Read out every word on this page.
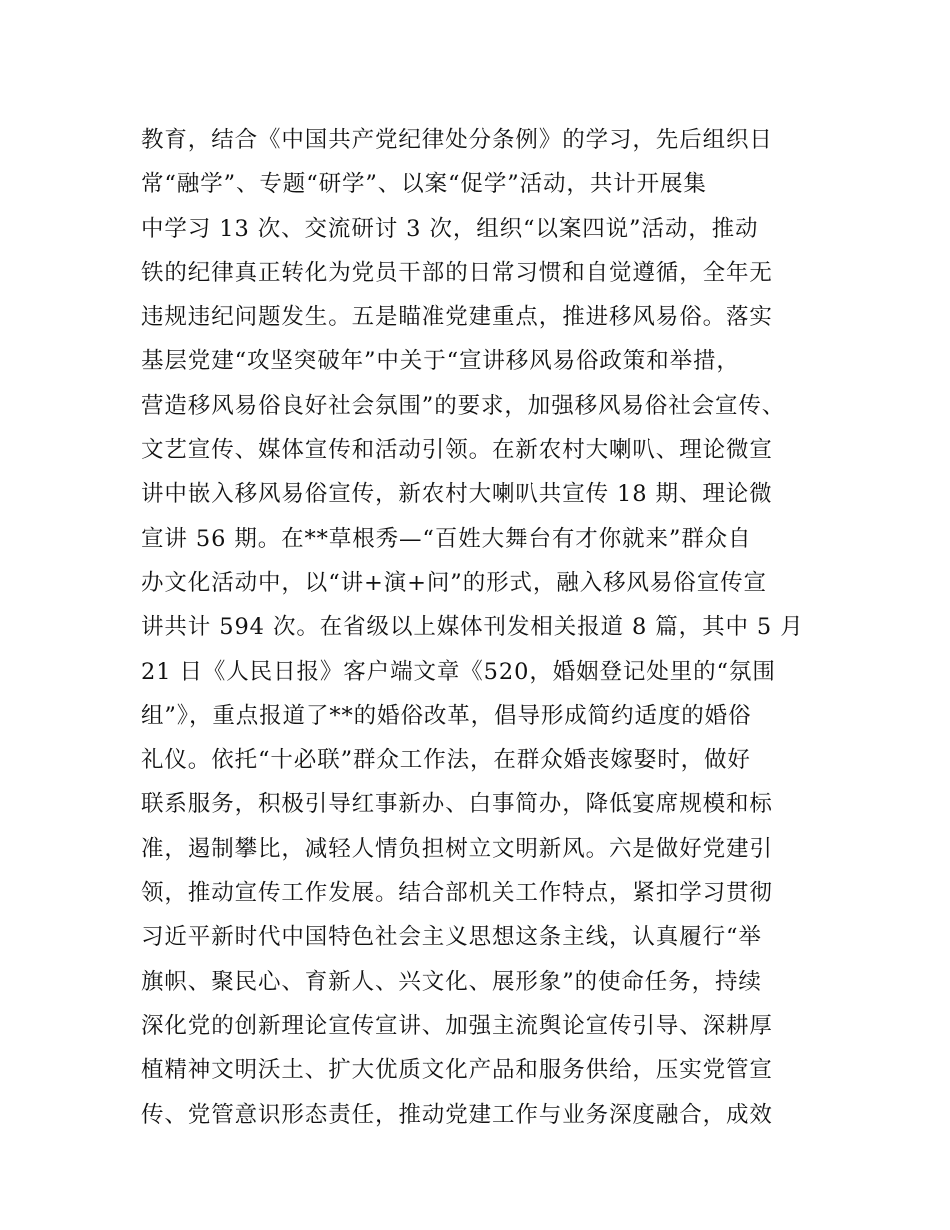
教育，结合《中国共产党纪律处分条例》的学习，先后组织日
常“融学”、专题“研学”、以案“促学”活动，共计开展集
中学习 13 次、交流研讨 3 次，组织“以案四说”活动，推动
铁的纪律真正转化为党员干部的日常习惯和自觉遵循，全年无
违规违纪问题发生。五是瞄准党建重点，推进移风易俗。落实
基层党建“攻坚突破年”中关于“宣讲移风易俗政策和举措，
营造移风易俗良好社会氛围”的要求，加强移风易俗社会宣传、
文艺宣传、媒体宣传和活动引领。在新农村大喇叭、理论微宣
讲中嵌入移风易俗宣传，新农村大喇叭共宣传 18 期、理论微
宣讲 56 期。在**草根秀—“百姓大舞台有才你就来”群众自
办文化活动中，以“讲+演+问”的形式，融入移风易俗宣传宣
讲共计 594 次。在省级以上媒体刊发相关报道 8 篇，其中 5 月
21 日《人民日报》客户端文章《520，婚姻登记处里的“氛围
组”》，重点报道了**的婚俗改革，倡导形成简约适度的婚俗
礼仪。依托“十必联”群众工作法，在群众婚丧嫁娶时，做好
联系服务，积极引导红事新办、白事简办，降低宴席规模和标
准，遏制攀比，减轻人情负担树立文明新风。六是做好党建引
领，推动宣传工作发展。结合部机关工作特点，紧扣学习贯彻
习近平新时代中国特色社会主义思想这条主线，认真履行“举
旗帜、聚民心、育新人、兴文化、展形象”的使命任务，持续
深化党的创新理论宣传宣讲、加强主流舆论宣传引导、深耕厚
植精神文明沃土、扩大优质文化产品和服务供给，压实党管宣
传、党管意识形态责任，推动党建工作与业务深度融合，成效
